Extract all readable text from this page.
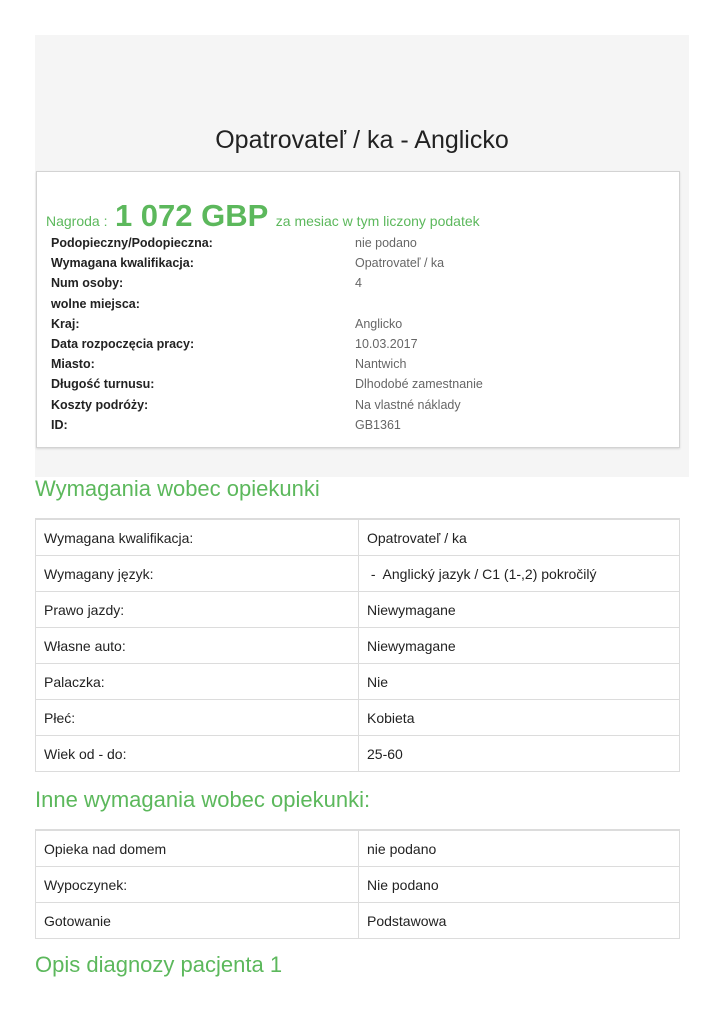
Opatrovateľ / ka - Anglicko
Nagroda : 1 072 GBP za mesiac w tym liczony podatek
Podopieczny/Podopieczna:	nie podano
Wymagana kwalifikacja:	Opatrovateľ / ka
Num osoby:	4
wolne miejsca:
Kraj:	Anglicko
Data rozpoczęcia pracy:	10.03.2017
Miasto:	Nantwich
Długość turnusu:	Dlhodobé zamestnanie
Koszty podróży:	Na vlastné náklady
ID:	GB1361
Wymagania wobec opiekunki
Wymagana kwalifikacja:	Opatrovateľ / ka
Wymagany język:	-  Anglický jazyk / C1 (1-,2) pokročilý
Prawo jazdy:	Niewymagane
Własne auto:	Niewymagane
Palaczka:	Nie
Płeć:	Kobieta
Wiek od - do:	25-60
Inne wymagania wobec opiekunki:
Opieka nad domem	nie podano
Wypoczynek:	Nie podano
Gotowanie	Podstawowa
Opis diagnozy pacjenta 1
